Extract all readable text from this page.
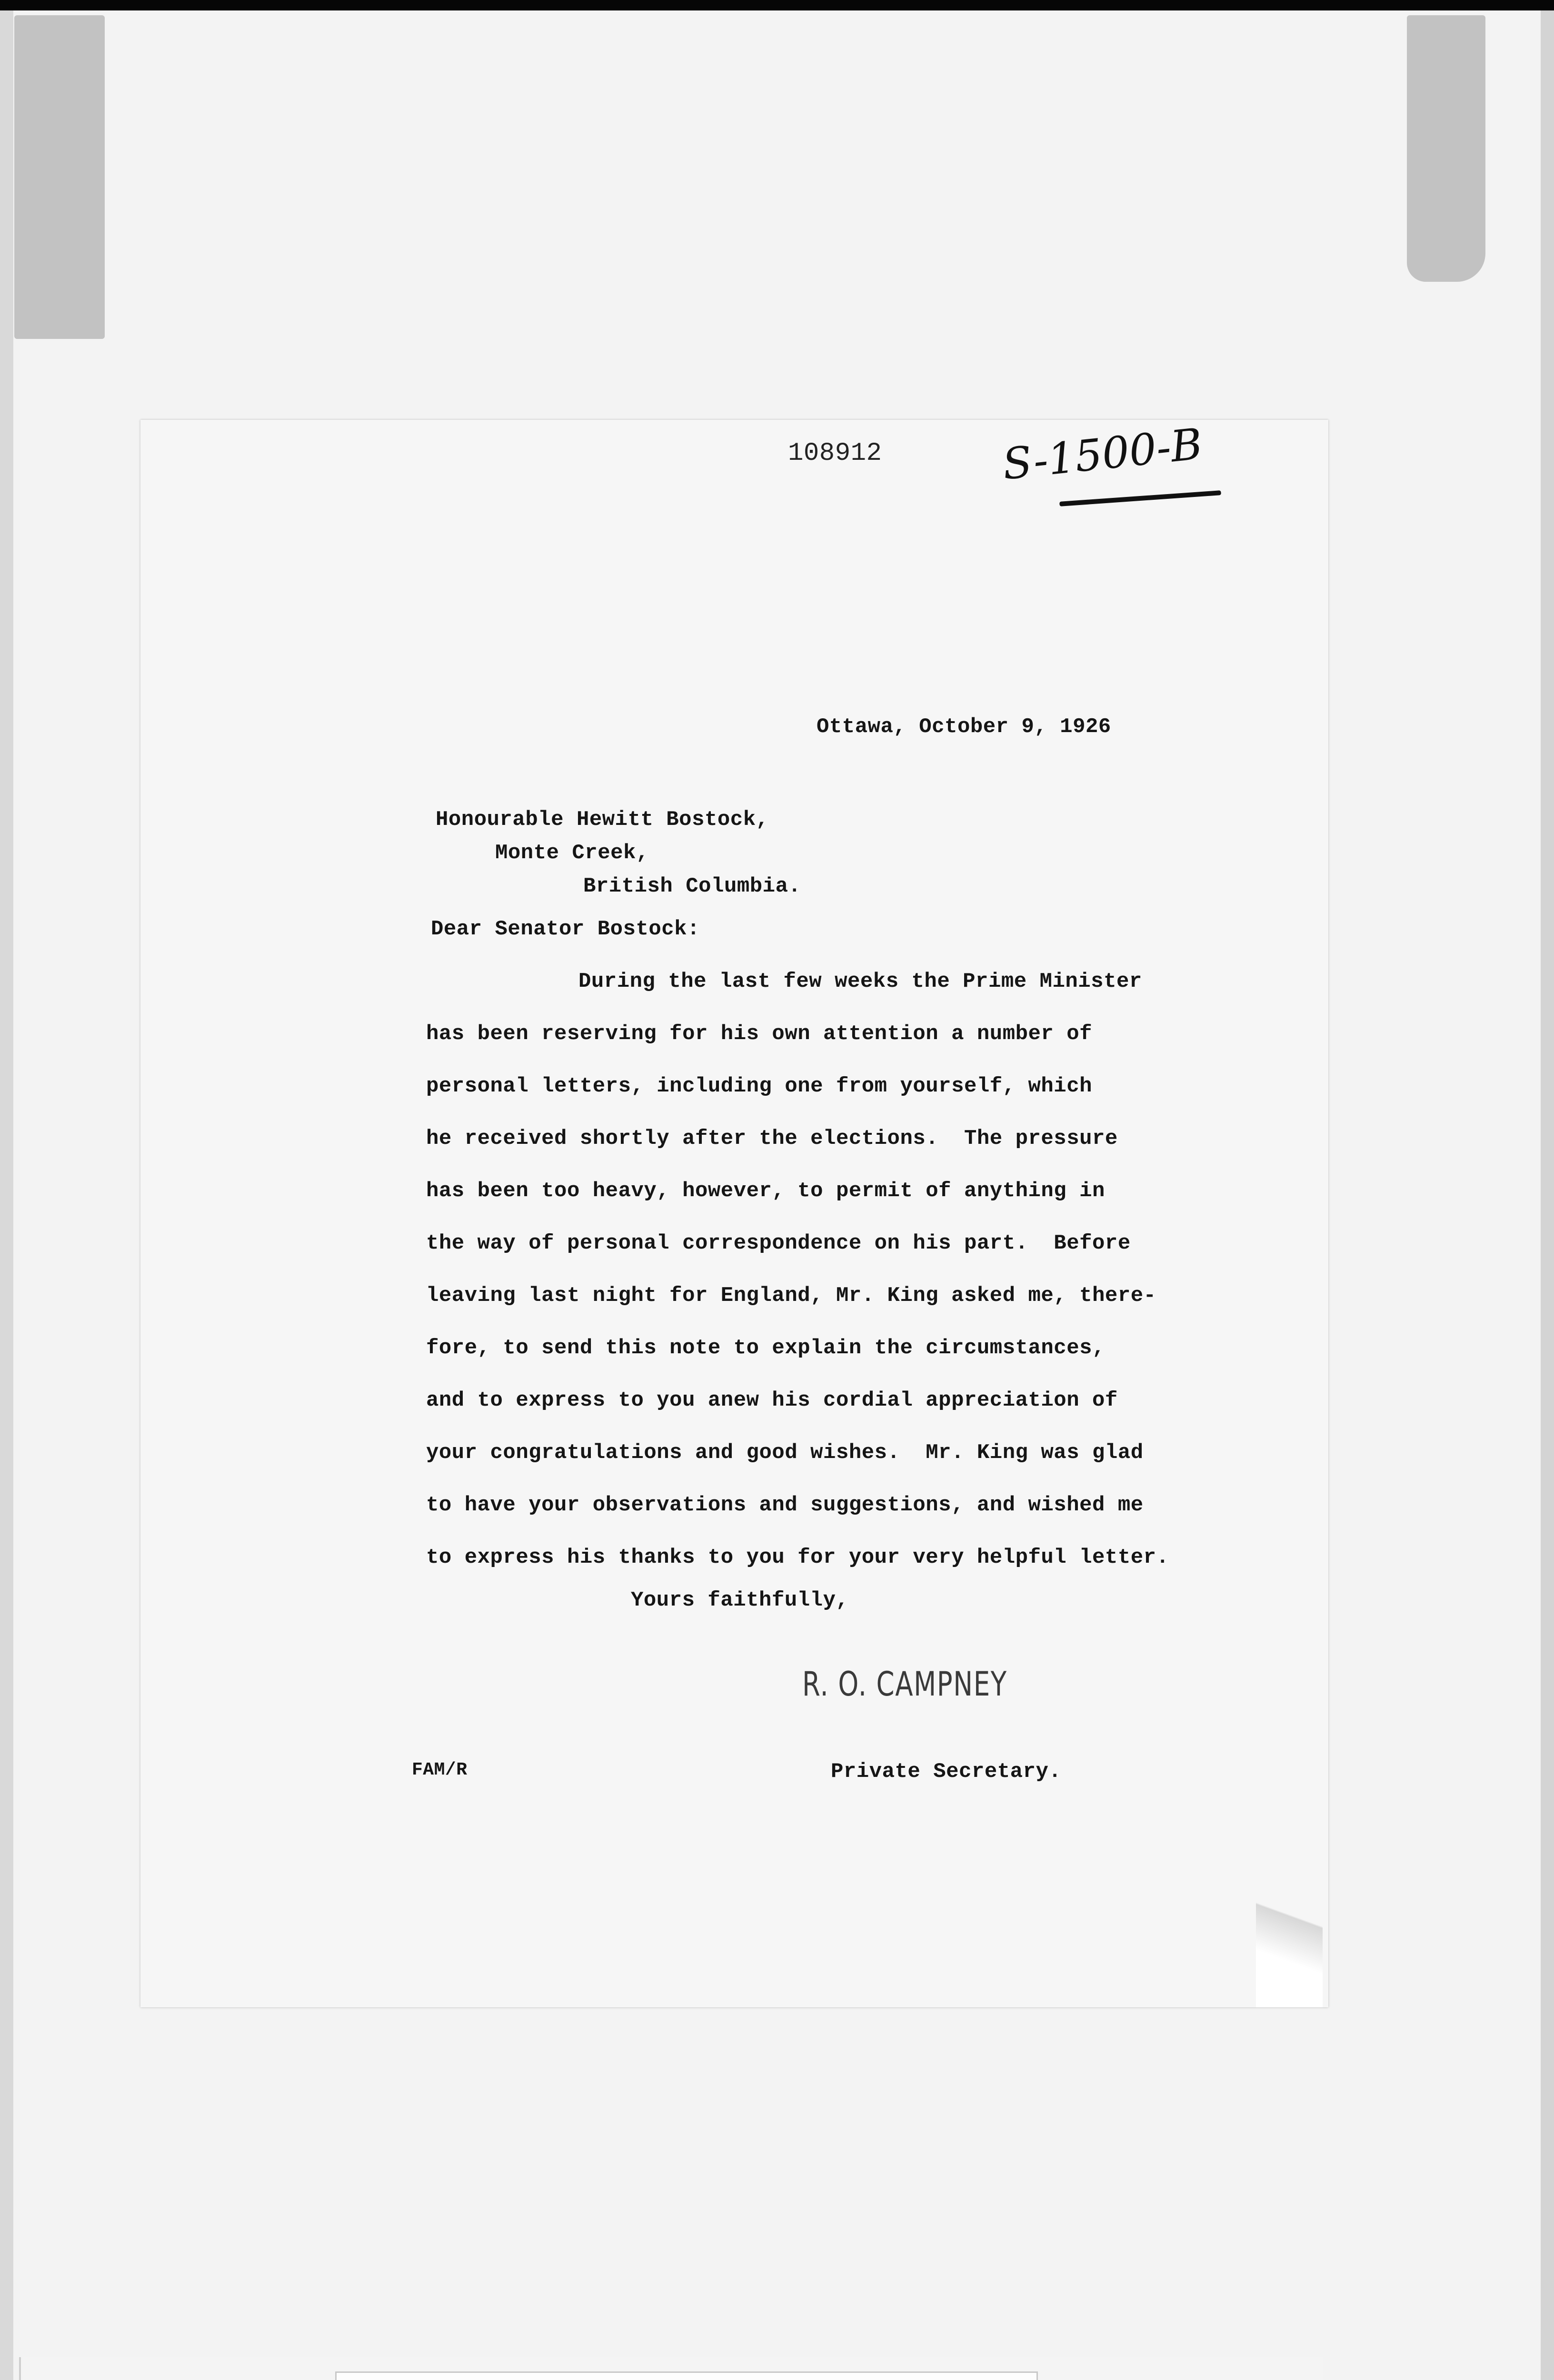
108912	S-1500-B
Ottawa, October 9, 1926
Honourable Hewitt Bostock,
Monte Creek,
British Columbia.
Dear Senator Bostock:
During the last few weeks the Prime Minister
has been reserving for his own attention a number of
personal letters, including one from yourself, which
he received shortly after the elections.  The pressure
has been too heavy, however, to permit of anything in
the way of personal correspondence on his part.  Before
leaving last night for England, Mr. King asked me, there-
fore, to send this note to explain the circumstances,
and to express to you anew his cordial appreciation of
your congratulations and good wishes.  Mr. King was glad
to have your observations and suggestions, and wished me
to express his thanks to you for your very helpful letter.
Yours faithfully,
R. O. CAMPNEY
FAM/R	Private Secretary.
